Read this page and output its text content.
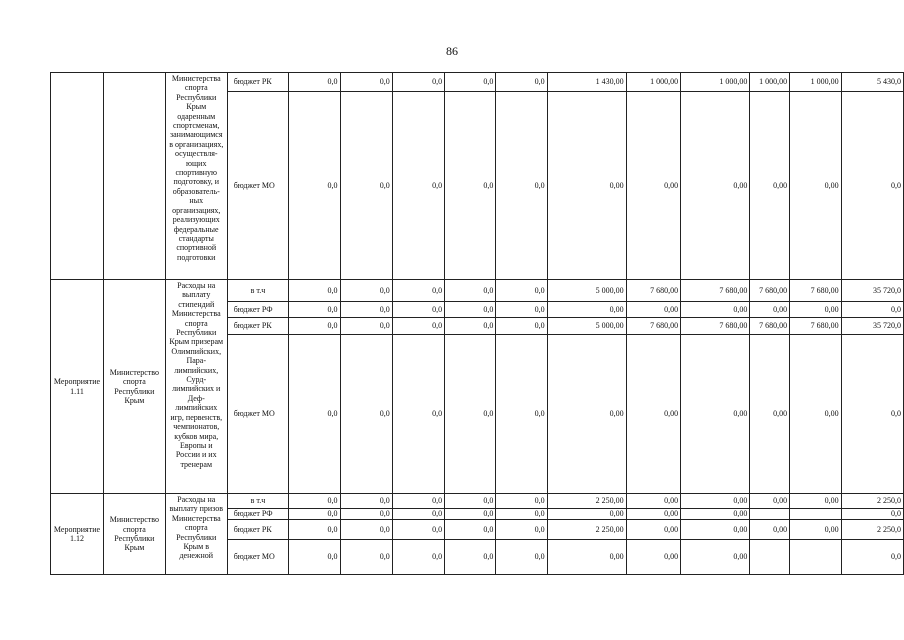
86
		Министерства спорта Республики Крым одаренным спортсменам, занимающимся в организациях, осуществля-ющих спортивную подготовку, и образователь-ных организациях, реализующих федеральные стандарты спортивной подготовки	бюджет РК	0,0	0,0	0,0	0,0	0,0	1 430,00	1 000,00	1 000,00	1 000,00	1 000,00	5 430,0
			бюджет МО	0,0	0,0	0,0	0,0	0,0	0,00	0,00	0,00	0,00	0,00	0,0
Мероприятие 1.11	Министерство спорта Республики Крым	Расходы на выплату стипендий Министерства спорта Республики Крым призерам Олимпийских, Пара-лимпийских, Сурд-лимпийских и Деф-лимпийских игр, первенств, чемпионатов, кубков мира, Европы и России и их тренерам	в т.ч	0,0	0,0	0,0	0,0	0,0	5 000,00	7 680,00	7 680,00	7 680,00	7 680,00	35 720,0
			бюджет РФ	0,0	0,0	0,0	0,0	0,0	0,00	0,00	0,00	0,00	0,00	0,0
			бюджет РК	0,0	0,0	0,0	0,0	0,0	5 000,00	7 680,00	7 680,00	7 680,00	7 680,00	35 720,0
			бюджет МО	0,0	0,0	0,0	0,0	0,0	0,00	0,00	0,00	0,00	0,00	0,0
Мероприятие 1.12	Министерство спорта Республики Крым	Расходы на выплату призов Министерства спорта Республики Крым в денежной	в т.ч	0,0	0,0	0,0	0,0	0,0	2 250,00	0,00	0,00	0,00	0,00	2 250,0
			бюджет РФ	0,0	0,0	0,0	0,0	0,0	0,00	0,00	0,00			0,0
			бюджет РК	0,0	0,0	0,0	0,0	0,0	2 250,00	0,00	0,00	0,00	0,00	2 250,0
			бюджет МО	0,0	0,0	0,0	0,0	0,0	0,00	0,00	0,00			0,0
